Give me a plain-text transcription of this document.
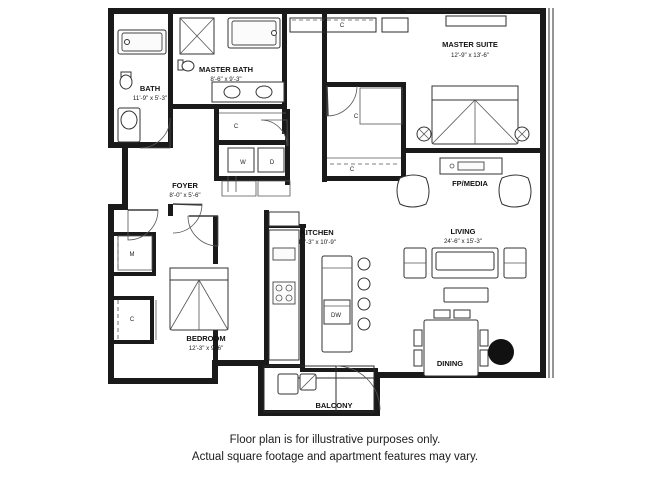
MASTER SUITE
12'-9" x 13'-6"
MASTER BATH
8'-6" x 9'-3"
BATH
11'-9" x 5'-3"
FOYER
8'-0" x 5'-6"
KITCHEN
16'-3" x 10'-9"
LIVING
24'-6" x 15'-3"
BEDROOM
12'-3" x 9'-6"
BALCONY
FP/MEDIA
DINING
C
C
C
C
W	D
M
C
DW
Floor plan is for illustrative purposes only.
Actual square footage and apartment features may vary.
